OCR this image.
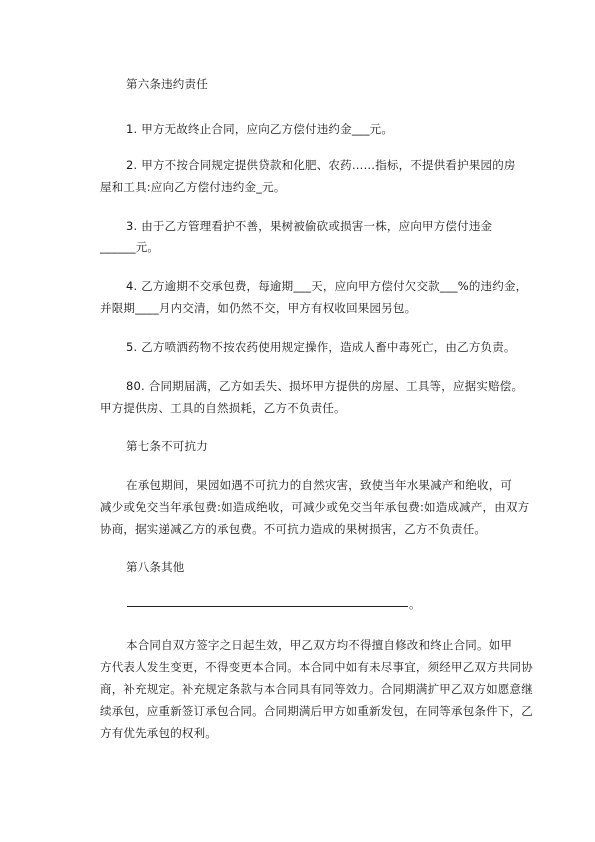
第六条违约责任
1. 甲方无故终止合同，应向乙方偿付违约金___元。
2. 甲方不按合同规定提供贷款和化肥、农药……指标，不提供看护果园的房
屋和工具:应向乙方偿付违约金_元。
3. 由于乙方管理看护不善，果树被偷砍或损害一株，应向甲方偿付违金
______元。
4. 乙方逾期不交承包费，每逾期___天，应向甲方偿付欠交款___%的违约金，
并限期____月内交清，如仍然不交，甲方有权收回果园另包。
5. 乙方喷洒药物不按农药使用规定操作，造成人畜中毒死亡，由乙方负责。
80. 合同期届满，乙方如丢失、损坏甲方提供的房屋、工具等，应据实赔偿。
甲方提供房、工具的自然损耗，乙方不负责任。
第七条不可抗力
在承包期间，果园如遇不可抗力的自然灾害，致使当年水果减产和绝收，可
减少或免交当年承包费:如造成绝收，可减少或免交当年承包费:如造成减产，由双方
协商，据实递减乙方的承包费。不可抗力造成的果树损害，乙方不负责任。
第八条其他
。
本合同自双方签字之日起生效，甲乙双方均不得擅自修改和终止合同。如甲
方代表人发生变更，不得变更本合同。本合同中如有未尽事宜，须经甲乙双方共同协
商，补充规定。补充规定条款与本合同具有同等效力。合同期满扩甲乙双方如愿意继
续承包，应重新签订承包合同。合同期满后甲方如重新发包，在同等承包条件下，乙
方有优先承包的权利。
